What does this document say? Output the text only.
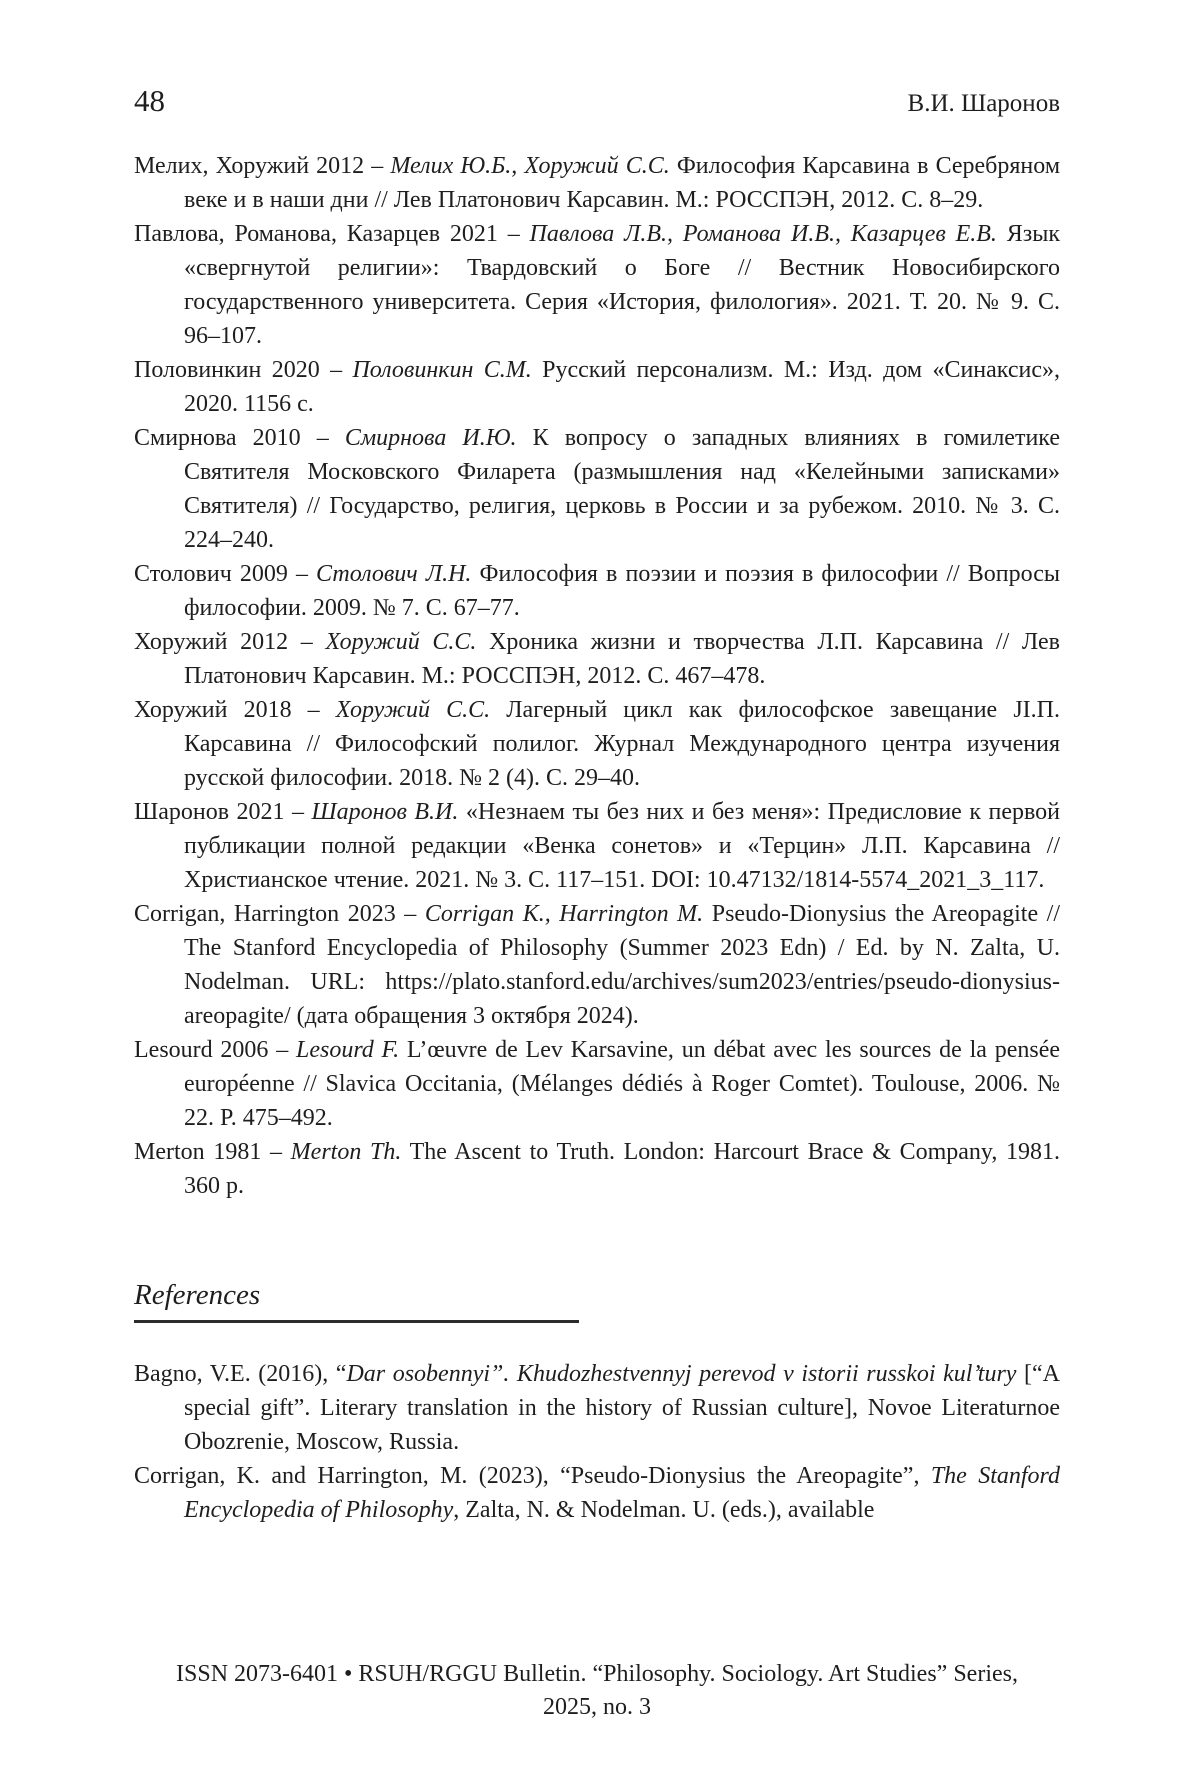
48	В.И. Шаронов

Мелих, Хоружий 2012 – Мелих Ю.Б., Хоружий С.С. Философия Карсавина в Серебряном веке и в наши дни // Лев Платонович Карсавин. М.: РОССПЭН, 2012. С. 8–29.

Павлова, Романова, Казарцев 2021 – Павлова Л.В., Романова И.В., Казарцев Е.В. Язык «свергнутой религии»: Твардовский о Боге // Вестник Новосибирского государственного университета. Серия «История, филология». 2021. Т. 20. № 9. С. 96–107.

Половинкин 2020 – Половинкин С.М. Русский персонализм. М.: Изд. дом «Синаксис», 2020. 1156 с.

Смирнова 2010 – Смирнова И.Ю. К вопросу о западных влияниях в гомилетике Святителя Московского Филарета (размышления над «Келейными записками» Святителя) // Государство, религия, церковь в России и за рубежом. 2010. № 3. С. 224–240.

Столович 2009 – Столович Л.Н. Философия в поэзии и поэзия в философии // Вопросы философии. 2009. № 7. С. 67–77.

Хоружий 2012 – Хоружий С.С. Хроника жизни и творчества Л.П. Карсавина // Лев Платонович Карсавин. М.: РОССПЭН, 2012. С. 467–478.

Хоружий 2018 – Хоружий С.С. Лагерный цикл как философское завещание JI.П. Карсавина // Философский полилог. Журнал Международного центра изучения русской философии. 2018. № 2 (4). С. 29–40.

Шаронов 2021 – Шаронов В.И. «Незнаем ты без них и без меня»: Предисловие к первой публикации полной редакции «Венка сонетов» и «Терцин» Л.П. Карсавина // Христианское чтение. 2021. № 3. С. 117–151. DOI: 10.47132/1814-5574_2021_3_117.

Corrigan, Harrington 2023 – Corrigan K., Harrington M. Pseudo-Dionysius the Areopagite // The Stanford Encyclopedia of Philosophy (Summer 2023 Edn) / Ed. by N. Zalta, U. Nodelman. URL: https://plato.stanford.edu/archives/sum2023/entries/pseudo-dionysius-areopagite/ (дата обращения 3 октября 2024).

Lesourd 2006 – Lesourd F. L’œuvre de Lev Karsavine, un débat avec les sources de la pensée européenne // Slavica Occitania, (Mélanges dédiés à Roger Comtet). Toulouse, 2006. № 22. P. 475–492.

Merton 1981 – Merton Th. The Ascent to Truth. London: Harcourt Brace & Company, 1981. 360 p.

References

Bagno, V.E. (2016), “Dar osobennyi”. Khudozhestvennyj perevod v istorii russkoi kul’tury [“A special gift”. Literary translation in the history of Russian culture], Novoe Literaturnoe Obozrenie, Moscow, Russia.

Corrigan, K. and Harrington, M. (2023), “Pseudo-Dionysius the Areopagite”, The Stanford Encyclopedia of Philosophy, Zalta, N. & Nodelman. U. (eds.), available

ISSN 2073-6401 • RSUH/RGGU Bulletin. “Philosophy. Sociology. Art Studies” Series,
2025, no. 3
